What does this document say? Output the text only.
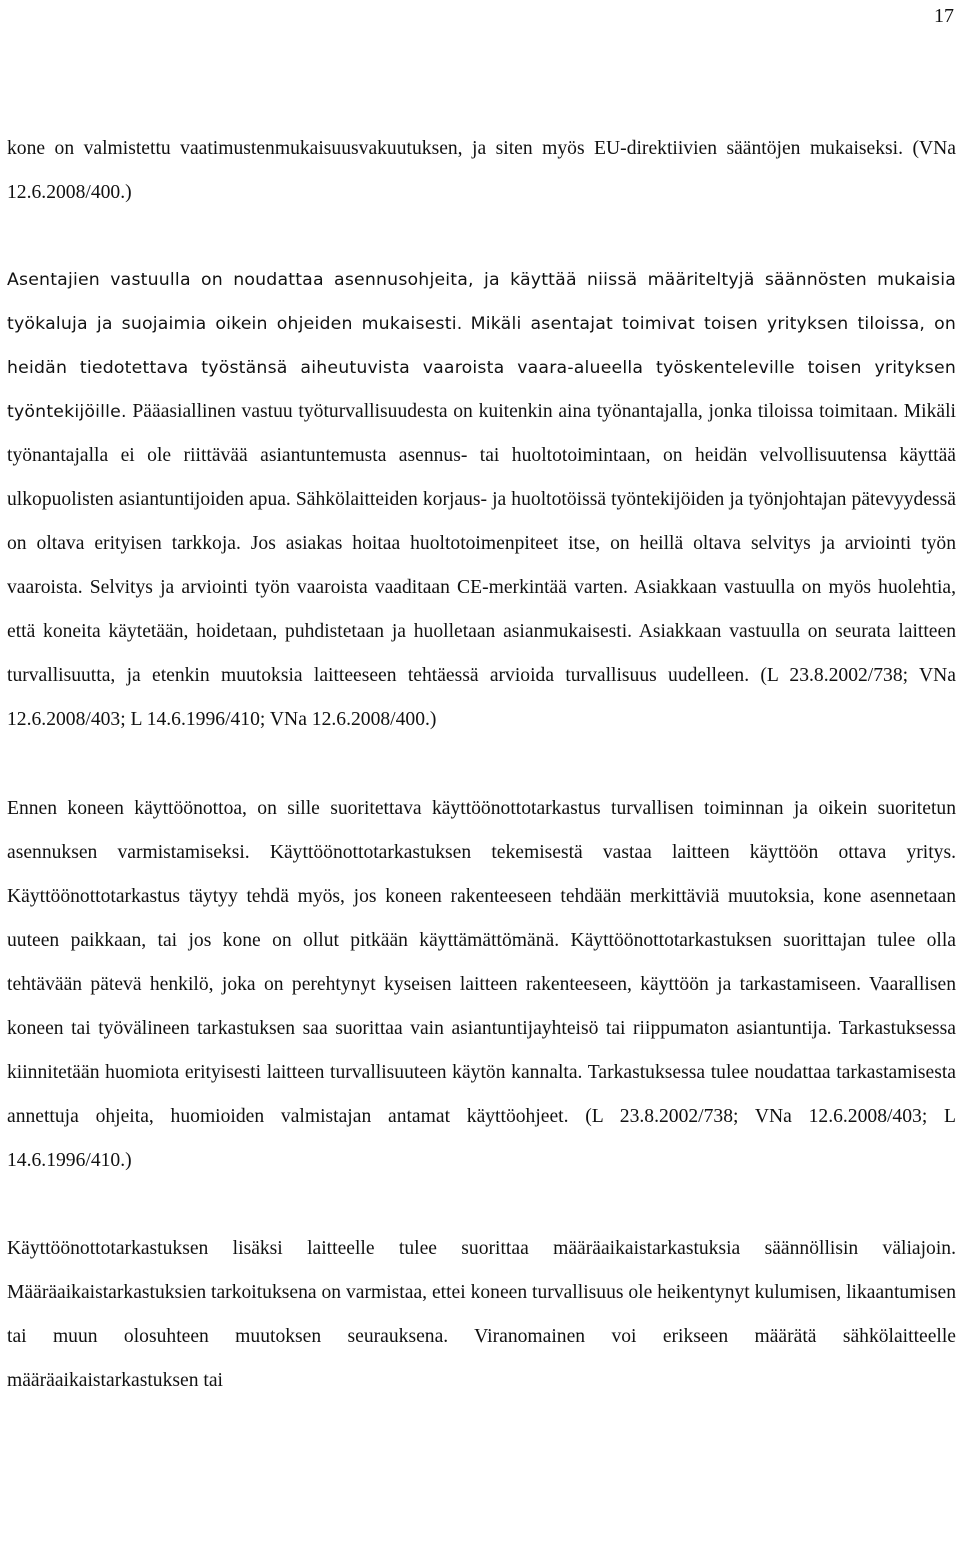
17

kone on valmistettu vaatimustenmukaisuusvakuutuksen, ja siten myös EU-direktiivien sääntöjen mukaiseksi. (VNa 12.6.2008/400.)

Asentajien vastuulla on noudattaa asennusohjeita, ja käyttää niissä määriteltyjä säännösten mukaisia työkaluja ja suojaimia oikein ohjeiden mukaisesti. Mikäli asentajat toimivat toisen yrityksen tiloissa, on heidän tiedotettava työstänsä aiheutuvista vaaroista vaara-alueella työskenteleville toisen yrityksen työntekijöille. Pääasiallinen vastuu työturvallisuudesta on kuitenkin aina työnantajalla, jonka tiloissa toimitaan. Mikäli työnantajalla ei ole riittävää asiantuntemusta asennus- tai huoltotoimintaan, on heidän velvollisuutensa käyttää ulkopuolisten asiantuntijoiden apua. Sähkölaitteiden korjaus- ja huoltotöissä työntekijöiden ja työnjohtajan pätevyydessä on oltava erityisen tarkkoja. Jos asiakas hoitaa huoltotoimenpiteet itse, on heillä oltava selvitys ja arviointi työn vaaroista. Selvitys ja arviointi työn vaaroista vaaditaan CE-merkintää varten. Asiakkaan vastuulla on myös huolehtia, että koneita käytetään, hoidetaan, puhdistetaan ja huolletaan asianmukaisesti. Asiakkaan vastuulla on seurata laitteen turvallisuutta, ja etenkin muutoksia laitteeseen tehtäessä arvioida turvallisuus uudelleen. (L 23.8.2002/738; VNa 12.6.2008/403; L 14.6.1996/410; VNa 12.6.2008/400.)

Ennen koneen käyttöönottoa, on sille suoritettava käyttöönottotarkastus turvallisen toiminnan ja oikein suoritetun asennuksen varmistamiseksi. Käyttöönottotarkastuksen tekemisestä vastaa laitteen käyttöön ottava yritys. Käyttöönottotarkastus täytyy tehdä myös, jos koneen rakenteeseen tehdään merkittäviä muutoksia, kone asennetaan uuteen paikkaan, tai jos kone on ollut pitkään käyttämättömänä. Käyttöönottotarkastuksen suorittajan tulee olla tehtävään pätevä henkilö, joka on perehtynyt kyseisen laitteen rakenteeseen, käyttöön ja tarkastamiseen. Vaarallisen koneen tai työvälineen tarkastuksen saa suorittaa vain asiantuntijayhteisö tai riippumaton asiantuntija. Tarkastuksessa kiinnitetään huomiota erityisesti laitteen turvallisuuteen käytön kannalta. Tarkastuksessa tulee noudattaa tarkastamisesta annettuja ohjeita, huomioiden valmistajan antamat käyttöohjeet. (L 23.8.2002/738; VNa 12.6.2008/403; L 14.6.1996/410.)

Käyttöönottotarkastuksen lisäksi laitteelle tulee suorittaa määräaikaistarkastuksia säännöllisin väliajoin. Määräaikaistarkastuksien tarkoituksena on varmistaa, ettei koneen turvallisuus ole heikentynyt kulumisen, likaantumisen tai muun olosuhteen muutoksen seurauksena. Viranomainen voi erikseen määrätä sähkölaitteelle määräaikaistarkastuksen tai
